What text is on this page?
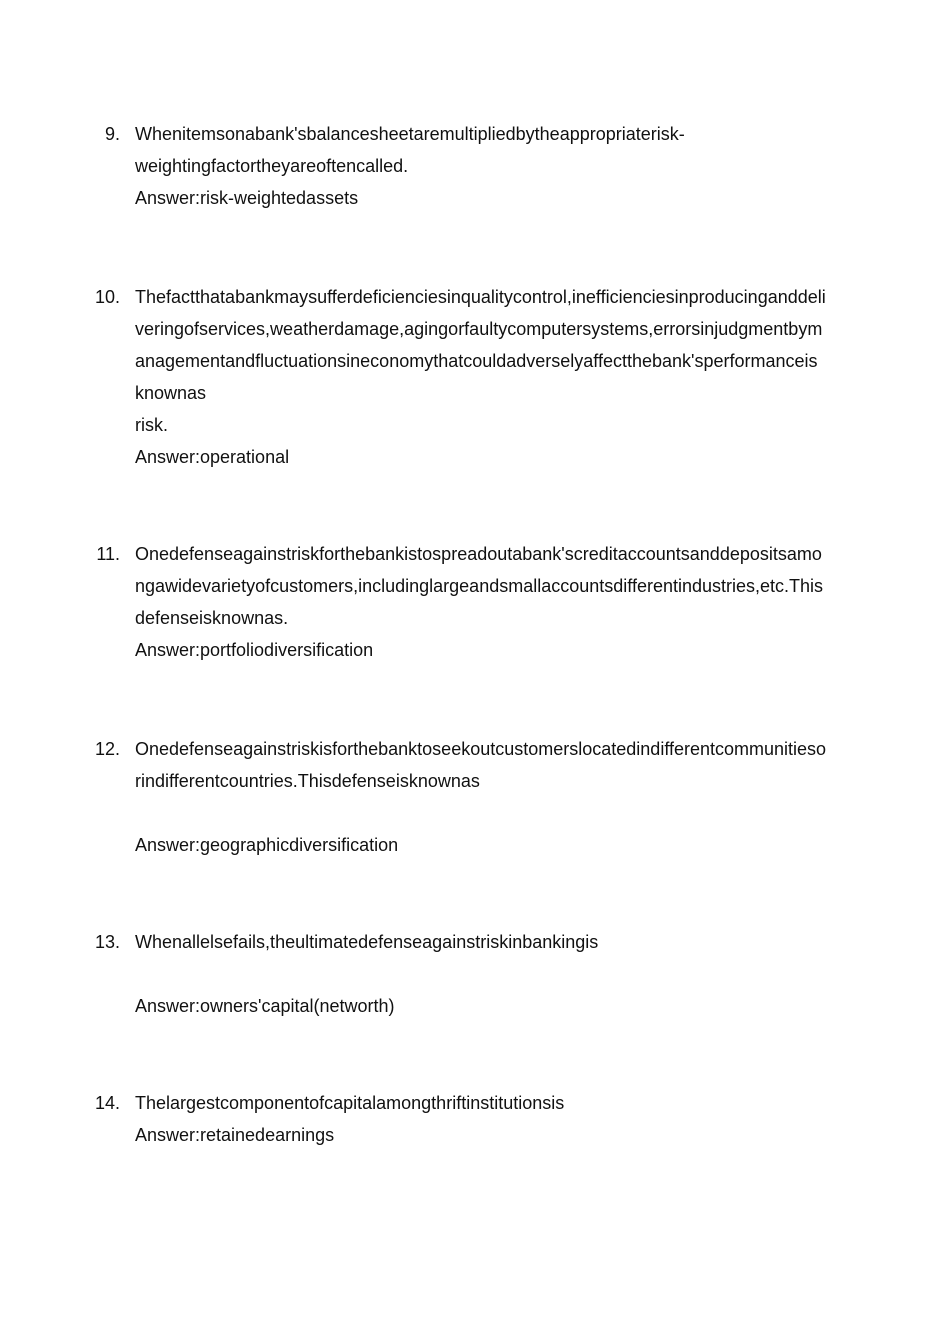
9. Whenitemsonabank'sbalancesheetaremultipliedbytheappropriaterisk-
weightingfactortheyareoftencalled.
Answer:risk-weightedassets
10. Thefactthatabankmaysufferdeficienciesinqualitycontrol,inefficienciesinproducinganddeli
veringofservices,weatherdamage,agingorfaultycomputersystems,errorsinjudgmentbym
anagementandfluctuationsineconomythatcouldadverselyaffectthebank'sperformanceis
knownas
risk.
Answer:operational
11. Onedefenseagainstriskforthebankistospreadoutabank'screditaccountsanddepositsamo
ngawidevarietyofcustomers,includinglargeandsmallaccountsdifferentindustries,etc.This
defenseisknownas.
Answer:portfoliodiversification
12. Onedefenseagainstriskisforthebanktoseekoutcustomerslocatedindifferentcommunitieso
rindifferentcountries.Thisdefenseisknownas
Answer:geographicdiversification
13. Whenallelsefails,theultimatedefenseagainstriskinbankingis
Answer:owners'capital(networth)
14. Thelargestcomponentofcapitalamongthriftinstitutionsis
Answer:retainedearnings
